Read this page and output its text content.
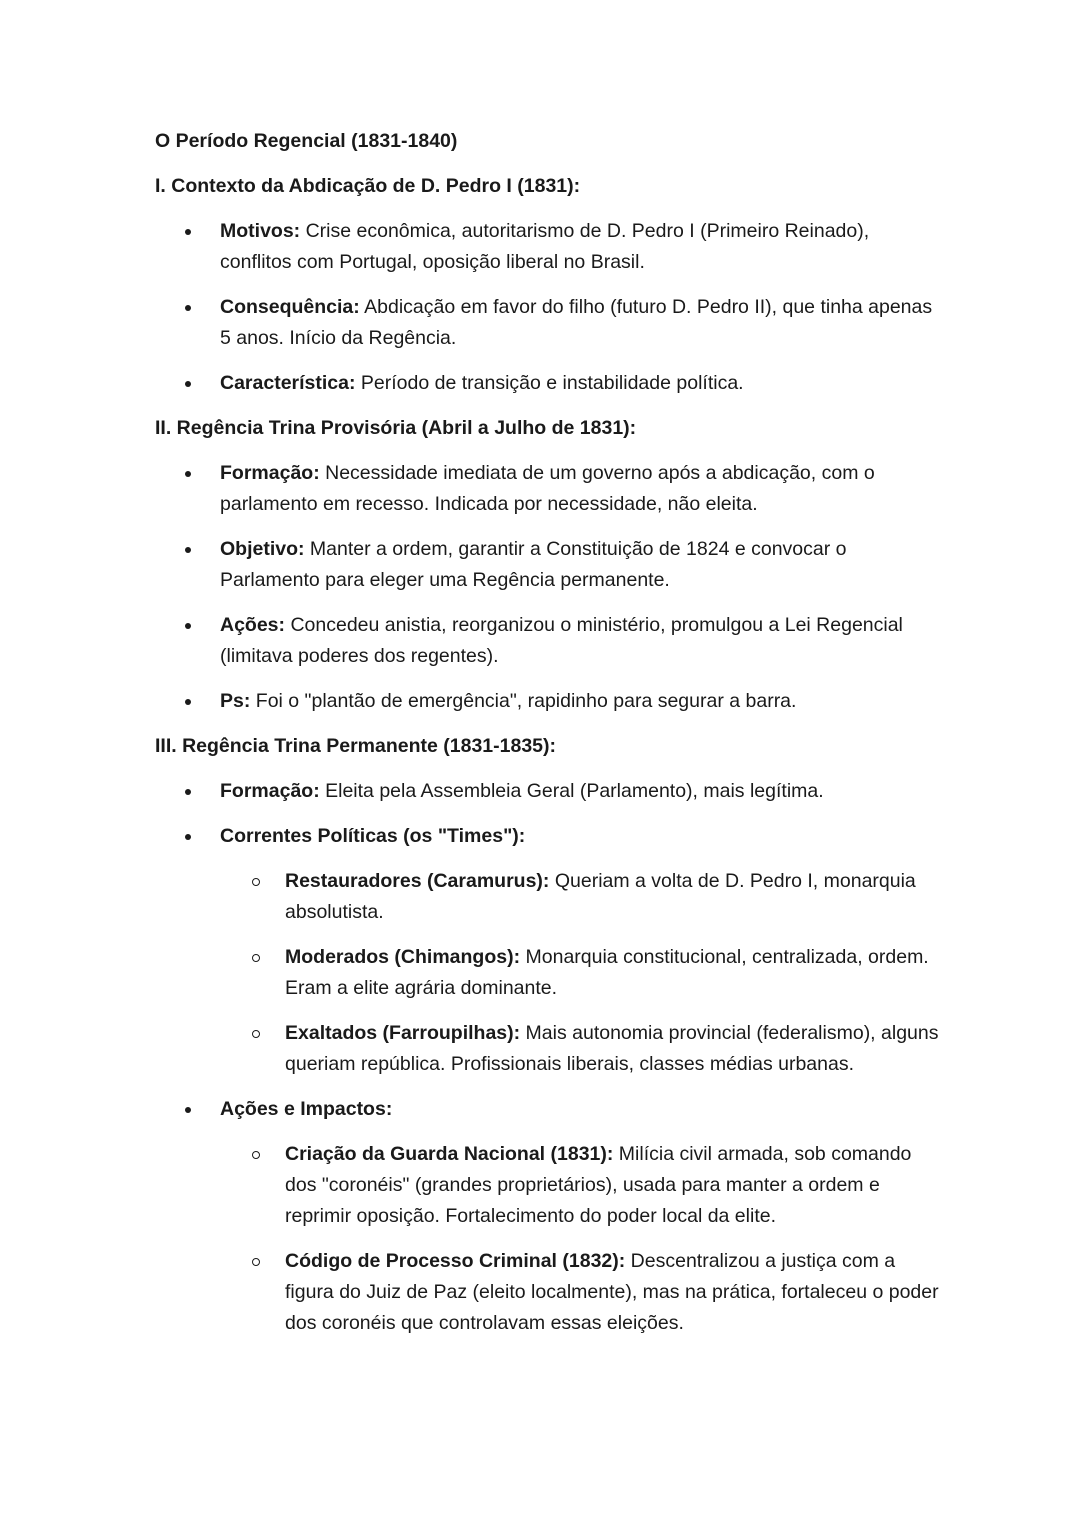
O Período Regencial (1831-1840)

I. Contexto da Abdicação de D. Pedro I (1831):

Motivos: Crise econômica, autoritarismo de D. Pedro I (Primeiro Reinado), conflitos com Portugal, oposição liberal no Brasil.
Consequência: Abdicação em favor do filho (futuro D. Pedro II), que tinha apenas 5 anos. Início da Regência.
Característica: Período de transição e instabilidade política.

II. Regência Trina Provisória (Abril a Julho de 1831):

Formação: Necessidade imediata de um governo após a abdicação, com o parlamento em recesso. Indicada por necessidade, não eleita.
Objetivo: Manter a ordem, garantir a Constituição de 1824 e convocar o Parlamento para eleger uma Regência permanente.
Ações: Concedeu anistia, reorganizou o ministério, promulgou a Lei Regencial (limitava poderes dos regentes).
Ps: Foi o "plantão de emergência", rapidinho para segurar a barra.

III. Regência Trina Permanente (1831-1835):

Formação: Eleita pela Assembleia Geral (Parlamento), mais legítima.
Correntes Políticas (os "Times"):
Restauradores (Caramurus): Queriam a volta de D. Pedro I, monarquia absolutista.
Moderados (Chimangos): Monarquia constitucional, centralizada, ordem. Eram a elite agrária dominante.
Exaltados (Farroupilhas): Mais autonomia provincial (federalismo), alguns queriam república. Profissionais liberais, classes médias urbanas.
Ações e Impactos:
Criação da Guarda Nacional (1831): Milícia civil armada, sob comando dos "coronéis" (grandes proprietários), usada para manter a ordem e reprimir oposição. Fortalecimento do poder local da elite.
Código de Processo Criminal (1832): Descentralizou a justiça com a figura do Juiz de Paz (eleito localmente), mas na prática, fortaleceu o poder dos coronéis que controlavam essas eleições.
